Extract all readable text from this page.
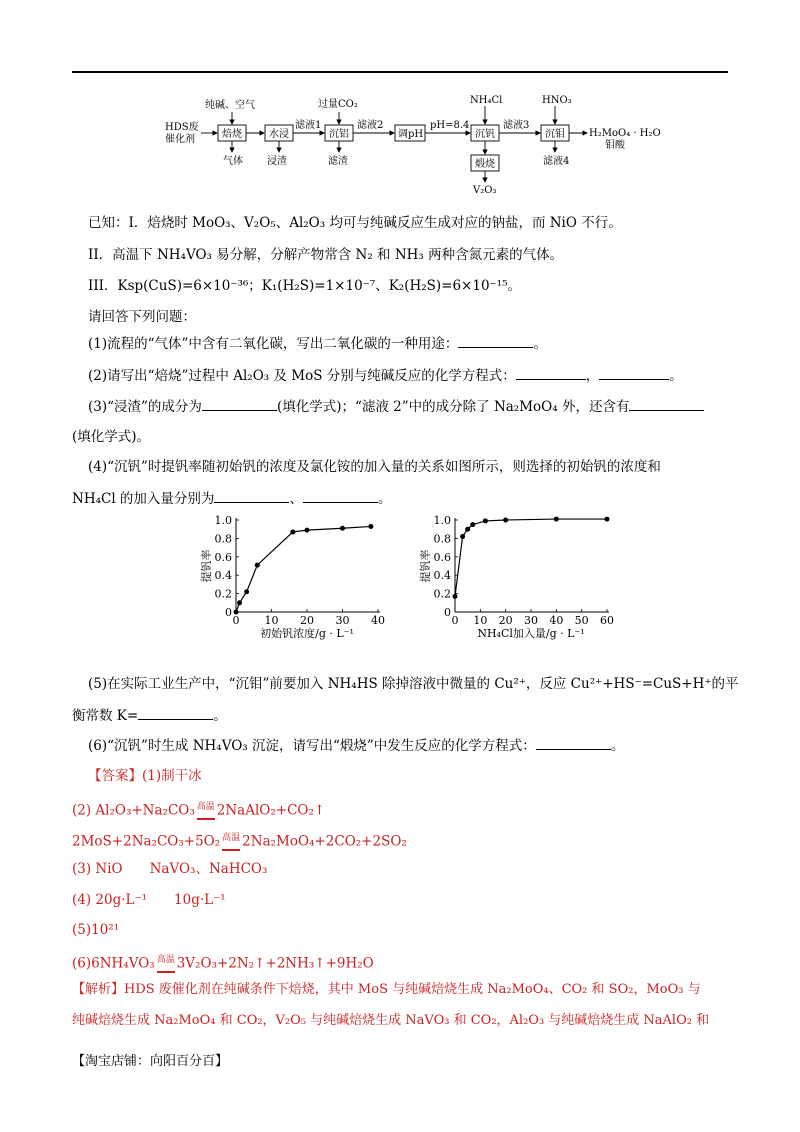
HDS废
催化剂
纯碱、空气
焙烧
气体
水浸
浸渣
滤液1
过量CO₂
沉铝
滤渣
滤液2
调pH
pH=8.4
NH₄Cl
沉钒
滤液3
HNO₃
沉钼 H₂MoO₄ · H₂O
钼酸
滤液4
煅烧
V₂O₃
已知：I．焙烧时 MoO₃、V₂O₅、Al₂O₃ 均可与纯碱反应生成对应的钠盐，而 NiO 不行。
II．高温下 NH₄VO₃ 易分解，分解产物常含 N₂ 和 NH₃ 两种含氮元素的气体。
III．Ksp(CuS)=6×10⁻³⁶；K₁(H₂S)=1×10⁻⁷、K₂(H₂S)=6×10⁻¹⁵。
请回答下列问题：
(1)流程的“气体”中含有二氧化碳，写出二氧化碳的一种用途：	。
(2)请写出“焙烧”过程中 Al₂O₃ 及 MoS 分别与纯碱反应的化学方程式：	，	。
(3)“浸渣”的成分为	(填化学式)；“滤液 2”中的成分除了 Na₂MoO₄ 外，还含有
(填化学式)。
(4)“沉钒”时提钒率随初始钒的浓度及氯化铵的加入量的关系如图所示，则选择的初始钒的浓度和
NH₄Cl 的加入量分别为	、	。
0
0.2
0.4
0.6
0.8
1.0
0 10 20 30 40
初始钒浓度/g · L⁻¹
提钒率
0
0.2
0.4
0.6
0.8
1.0
0 10 20 30 40 50 60
NH₄Cl加入量/g · L⁻¹
提钒率
(5)在实际工业生产中，“沉钼”前要加入 NH₄HS 除掉溶液中微量的 Cu²⁺，反应 Cu²⁺+HS⁻=CuS+H⁺的平
衡常数 K=	。
(6)“沉钒”时生成 NH₄VO₃ 沉淀，请写出“煅烧”中发生反应的化学方程式：	。
【答案】(1)制干冰
(2) Al₂O₃+Na₂CO₃ 高温 2NaAlO₂+CO₂↑
2MoS+2Na₂CO₃+5O₂ 高温 2Na₂MoO₄+2CO₂+2SO₂
(3) NiO　　NaVO₃、NaHCO₃
(4) 20g·L⁻¹　　10g·L⁻¹
(5)10²¹
(6)6NH₄VO₃ 高温 3V₂O₃+2N₂↑+2NH₃↑+9H₂O
【解析】HDS 废催化剂在纯碱条件下焙烧，其中 MoS 与纯碱焙烧生成 Na₂MoO₄、CO₂ 和 SO₂，MoO₃ 与
纯碱焙烧生成 Na₂MoO₄ 和 CO₂，V₂O₅ 与纯碱焙烧生成 NaVO₃ 和 CO₂，Al₂O₃ 与纯碱焙烧生成 NaAlO₂ 和
【淘宝店铺：向阳百分百】
